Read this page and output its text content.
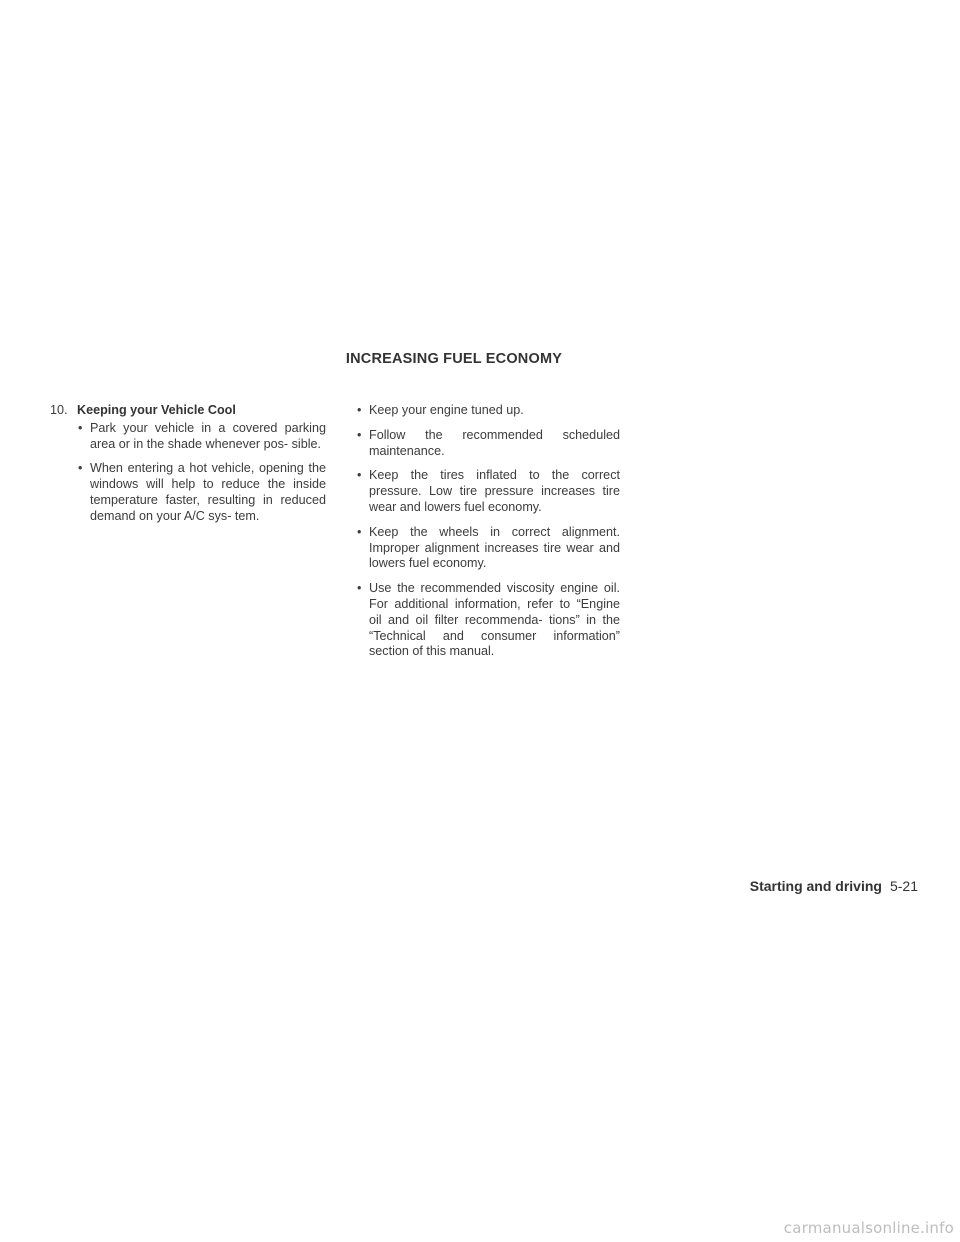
INCREASING FUEL ECONOMY
10. Keeping your Vehicle Cool
• Park your vehicle in a covered parking area or in the shade whenever pos- sible.
• When entering a hot vehicle, opening the windows will help to reduce the inside temperature faster, resulting in reduced demand on your A/C sys- tem.
• Keep your engine tuned up.
• Follow the recommended scheduled maintenance.
• Keep the tires inflated to the correct pressure. Low tire pressure increases tire wear and lowers fuel economy.
• Keep the wheels in correct alignment. Improper alignment increases tire wear and lowers fuel economy.
• Use the recommended viscosity engine oil. For additional information, refer to “Engine oil and oil filter recommenda- tions” in the “Technical and consumer information” section of this manual.
Starting and driving 5-21
carmanualsonline.info
